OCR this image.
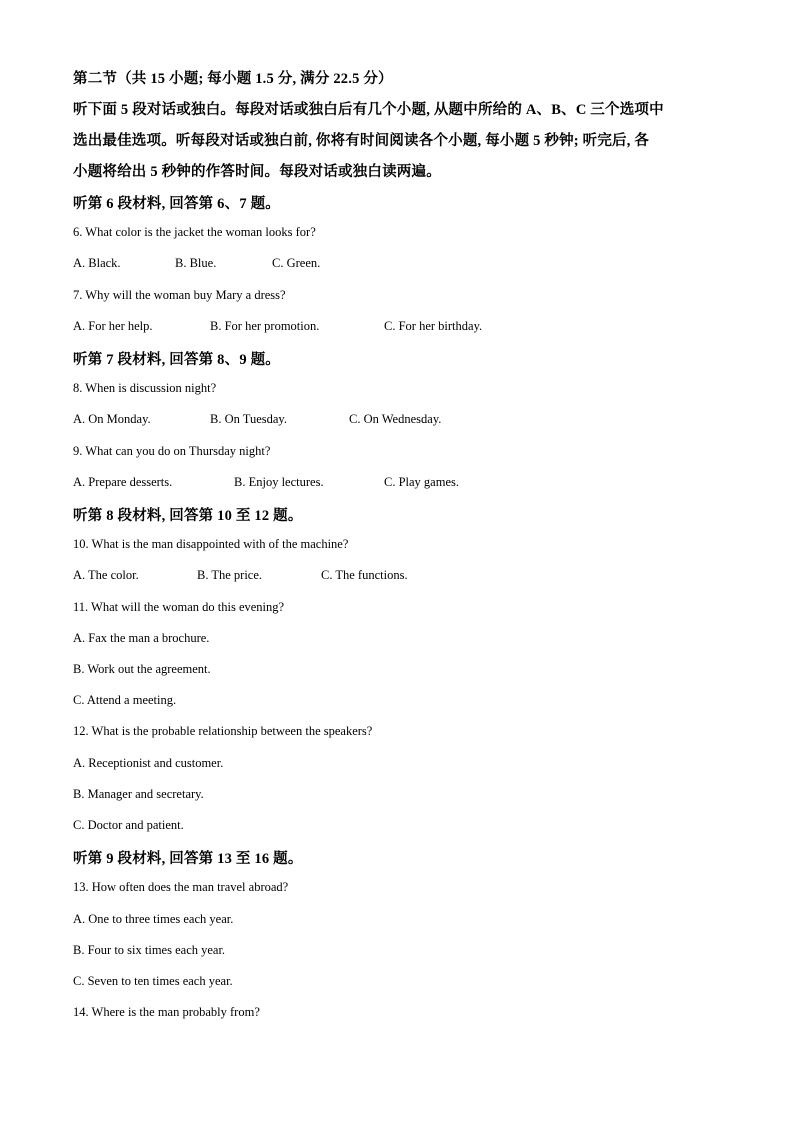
第二节（共 15 小题; 每小题 1.5 分, 满分 22.5 分）
听下面 5 段对话或独白。每段对话或独白后有几个小题, 从题中所给的 A、B、C 三个选项中
选出最佳选项。听每段对话或独白前, 你将有时间阅读各个小题, 每小题 5 秒钟; 听完后, 各
小题将给出 5 秒钟的作答时间。每段对话或独白读两遍。
听第 6 段材料, 回答第 6、7 题。
6. What color is the jacket the woman looks for?
A. Black.	B. Blue.	C. Green.
7. Why will the woman buy Mary a dress?
A. For her help.	B. For her promotion.	C. For her birthday.
听第 7 段材料, 回答第 8、9 题。
8. When is discussion night?
A. On Monday.	B. On Tuesday.	C. On Wednesday.
9. What can you do on Thursday night?
A. Prepare desserts.	B. Enjoy lectures.	C. Play games.
听第 8 段材料, 回答第 10 至 12 题。
10. What is the man disappointed with of the machine?
A. The color.	B. The price.	C. The functions.
11. What will the woman do this evening?
A. Fax the man a brochure.
B. Work out the agreement.
C. Attend a meeting.
12. What is the probable relationship between the speakers?
A. Receptionist and customer.
B. Manager and secretary.
C. Doctor and patient.
听第 9 段材料, 回答第 13 至 16 题。
13. How often does the man travel abroad?
A. One to three times each year.
B. Four to six times each year.
C. Seven to ten times each year.
14. Where is the man probably from?
